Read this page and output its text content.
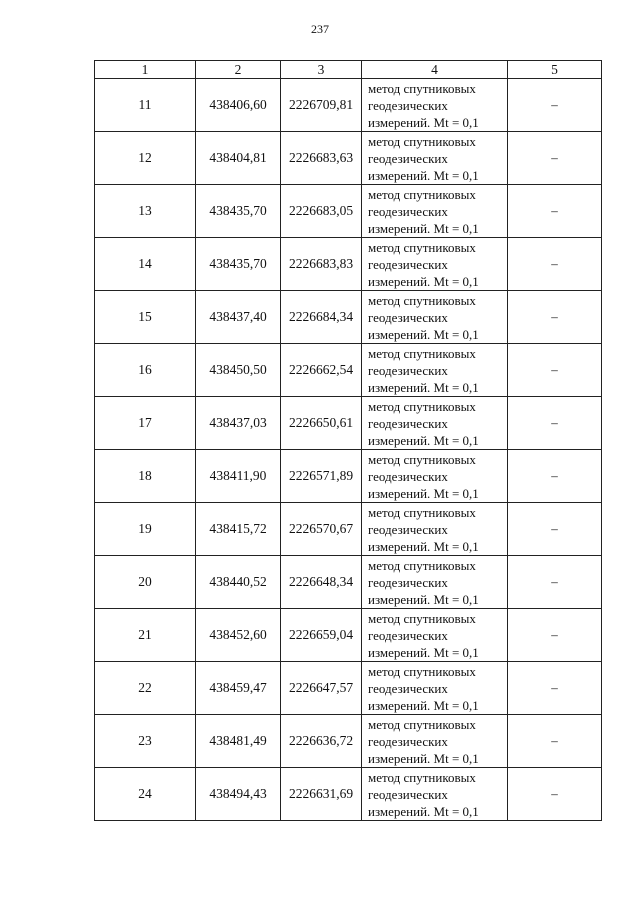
237
1	2	3	4	5
11	438406,60	2226709,81	метод спутниковых
геодезических
измерений. Mt = 0,1	–
12	438404,81	2226683,63	метод спутниковых
геодезических
измерений. Mt = 0,1	–
13	438435,70	2226683,05	метод спутниковых
геодезических
измерений. Mt = 0,1	–
14	438435,70	2226683,83	метод спутниковых
геодезических
измерений. Mt = 0,1	–
15	438437,40	2226684,34	метод спутниковых
геодезических
измерений. Mt = 0,1	–
16	438450,50	2226662,54	метод спутниковых
геодезических
измерений. Mt = 0,1	–
17	438437,03	2226650,61	метод спутниковых
геодезических
измерений. Mt = 0,1	–
18	438411,90	2226571,89	метод спутниковых
геодезических
измерений. Mt = 0,1	–
19	438415,72	2226570,67	метод спутниковых
геодезических
измерений. Mt = 0,1	–
20	438440,52	2226648,34	метод спутниковых
геодезических
измерений. Mt = 0,1	–
21	438452,60	2226659,04	метод спутниковых
геодезических
измерений. Mt = 0,1	–
22	438459,47	2226647,57	метод спутниковых
геодезических
измерений. Mt = 0,1	–
23	438481,49	2226636,72	метод спутниковых
геодезических
измерений. Mt = 0,1	–
24	438494,43	2226631,69	метод спутниковых
геодезических
измерений. Mt = 0,1	–
